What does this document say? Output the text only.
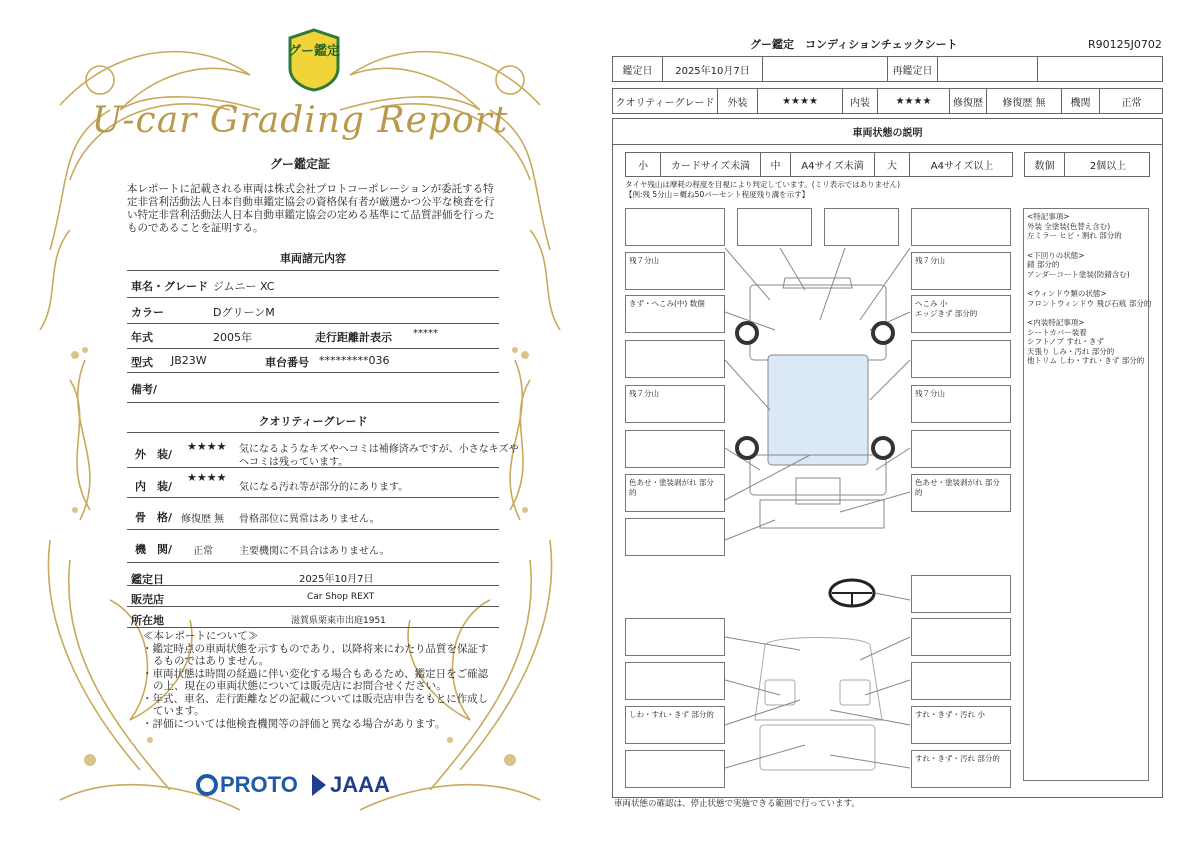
グー鑑定
U-car Grading Report
グー鑑定証
本レポートに記載される車両は株式会社プロトコーポレーションが委託する特定非営利活動法人日本自動車鑑定協会の資格保有者が厳選かつ公平な検査を行い特定非営利活動法人日本自動車鑑定協会の定める基準にて品質評価を行ったものであることを証明する。
車両諸元内容
車名・グレード ジムニー XC
カラー	DグリーンM
年式	2005年	走行距離計表示 *****
型式 JB23W	車台番号 *********036
備考/
クオリティーグレード
外　装/
★★★★ 気になるようなキズやヘコミは補修済みですが、小さなキズや
ヘコミは残っています。
内　装/
★★★★
気になる汚れ等が部分的にあります。
骨　格/ 修復歴 無 骨格部位に異常はありません。
機　関/ 正常	主要機関に不具合はありません。
鑑定日	2025年10月7日
販売店	Car Shop REXT
所在地	滋賀県栗東市出庭1951
≪本レポートについて≫
・鑑定時点の車両状態を示すものであり、以降将来にわたり品質を保証するものではありません。
・車両状態は時間の経過に伴い変化する場合もあるため、鑑定日をご確認の上、現在の車両状態については販売店にお問合せください。
・年式、車名、走行距離などの記載については販売店申告をもとに作成しています。
・評価については他検査機関等の評価と異なる場合があります。
PROTO JAAA
グー鑑定　コンディションチェックシート	R90125J0702
鑑定日	2025年10月7日	再鑑定日
クオリティーグレード	外装	★★★★	内装	★★★★	修復歴	修復歴 無	機関	正常
車両状態の説明
小	カードサイズ未満	中	A4サイズ未満	大	A4サイズ以上	数個	2個以上
タイヤ残山は摩耗の程度を目視により判定しています。(ミリ表示ではありません)
【例:残 5分山＝概ね50パーセント程度残り溝を示す】
残７分山
きず・へこみ(中) 数個
残７分山
色あせ・塗装剥がれ 部分的
しわ・すれ・きず 部分的
残７分山
へこみ 小
エッジきず 部分的
残７分山
色あせ・塗装剥がれ 部分的
すれ・きず・汚れ 小
すれ・きず・汚れ 部分的
<特記事項>
外装 全塗装(色替え含む)
左ミラー ヒビ・割れ 部分的
<下回りの状態>
錆 部分的
アンダーコート塗装(防錆含む)
<ウィンドウ類の状態>
フロントウィンドウ 飛び石痕 部分的
<内装特記事項>
シートカバー装着
シフトノブ すれ・きず
天張り しみ・汚れ 部分的
他トリム しわ・すれ・きず 部分的
車両状態の確認は、停止状態で実施できる範囲で行っています。
